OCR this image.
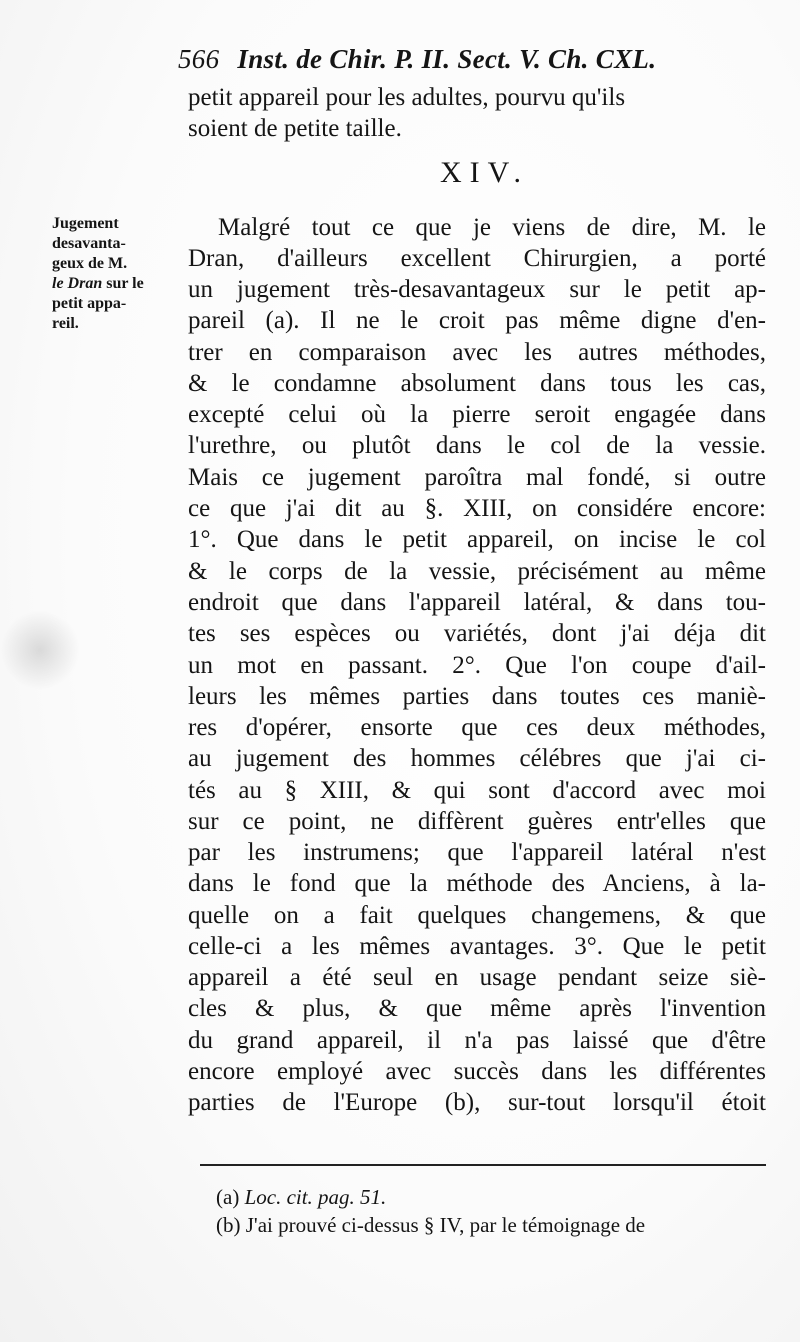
566 Inst. de Chir. P. II. Sect. V. Ch. CXL.
petit appareil pour les adultes, pourvu qu'ils
soient de petite taille.
XIV.
Jugement
desavanta-
geux de M.
le Dran sur le
petit appa-
reil.
Malgré tout ce que je viens de dire, M. le
Dran, d'ailleurs excellent Chirurgien, a porté
un jugement très-desavantageux sur le petit ap-
pareil (a). Il ne le croit pas même digne d'en-
trer en comparaison avec les autres méthodes,
& le condamne absolument dans tous les cas,
excepté celui où la pierre seroit engagée dans
l'urethre, ou plutôt dans le col de la vessie.
Mais ce jugement paroîtra mal fondé, si outre
ce que j'ai dit au §. XIII, on considére encore:
1°. Que dans le petit appareil, on incise le col
& le corps de la vessie, précisément au même
endroit que dans l'appareil latéral, & dans tou-
tes ses espèces ou variétés, dont j'ai déja dit
un mot en passant. 2°. Que l'on coupe d'ail-
leurs les mêmes parties dans toutes ces maniè-
res d'opérer, ensorte que ces deux méthodes,
au jugement des hommes célébres que j'ai ci-
tés au § XIII, & qui sont d'accord avec moi
sur ce point, ne diffèrent guères entr'elles que
par les instrumens; que l'appareil latéral n'est
dans le fond que la méthode des Anciens, à la-
quelle on a fait quelques changemens, & que
celle-ci a les mêmes avantages. 3°. Que le petit
appareil a été seul en usage pendant seize siè-
cles & plus, & que même après l'invention
du grand appareil, il n'a pas laissé que d'être
encore employé avec succès dans les différentes
parties de l'Europe (b), sur-tout lorsqu'il étoit
(a) Loc. cit. pag. 51.
(b) J'ai prouvé ci-dessus § IV, par le témoignage de
